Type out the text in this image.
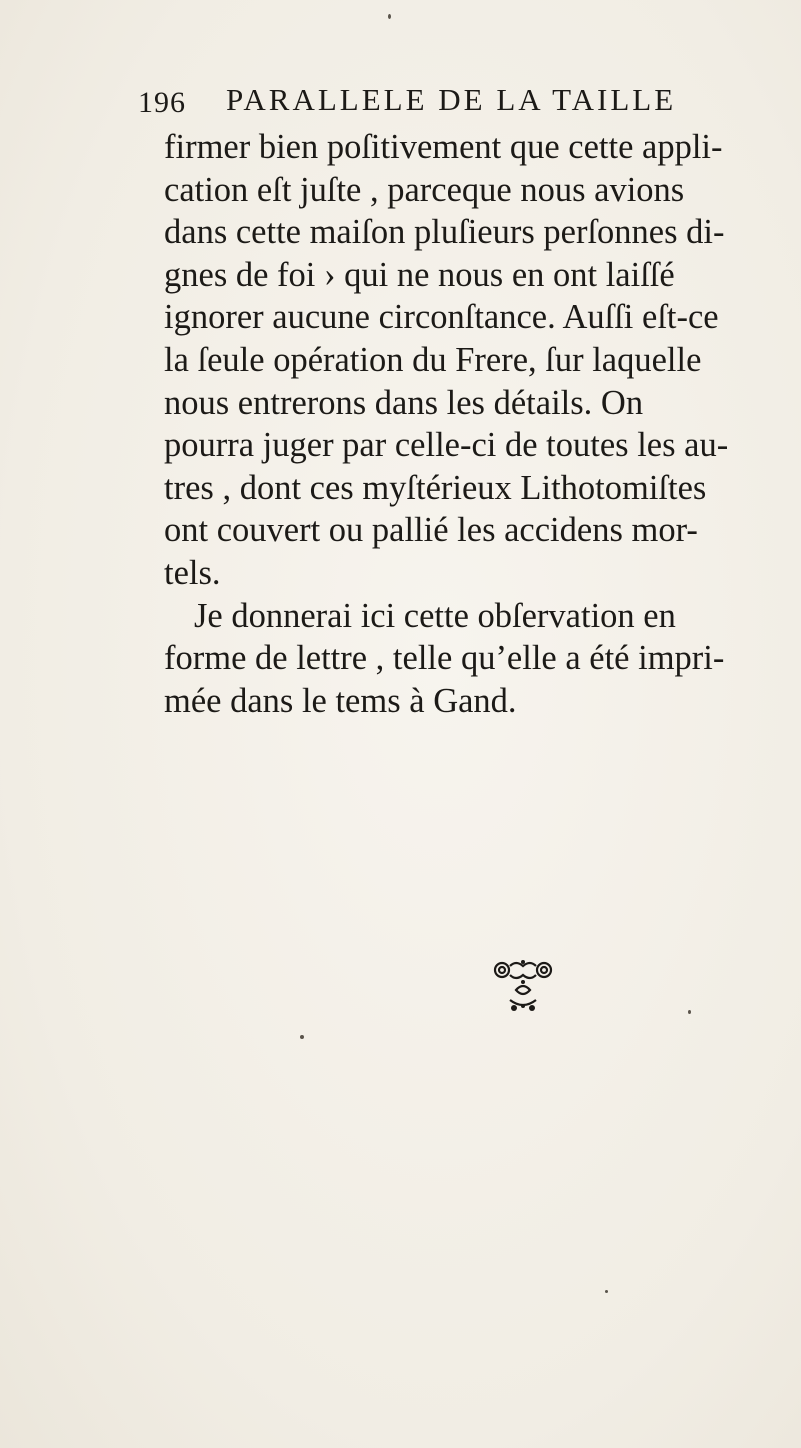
196 PARALLELE DE LA TAILLE
firmer bien poſitivement que cette appli-
cation eſt juſte , parceque nous avions
dans cette maiſon pluſieurs perſonnes di-
gnes de foi › qui ne nous en ont laiſſé
ignorer aucune circonſtance. Auſſi eſt-ce
la ſeule opération du Frere, ſur laquelle
nous entrerons dans les détails. On
pourra juger par celle-ci de toutes les au-
tres , dont ces myſtérieux Lithotomiſtes
ont couvert ou pallié les accidens mor-
tels.
Je donnerai ici cette obſervation en
forme de lettre , telle qu’elle a été impri-
mée dans le tems à Gand.
